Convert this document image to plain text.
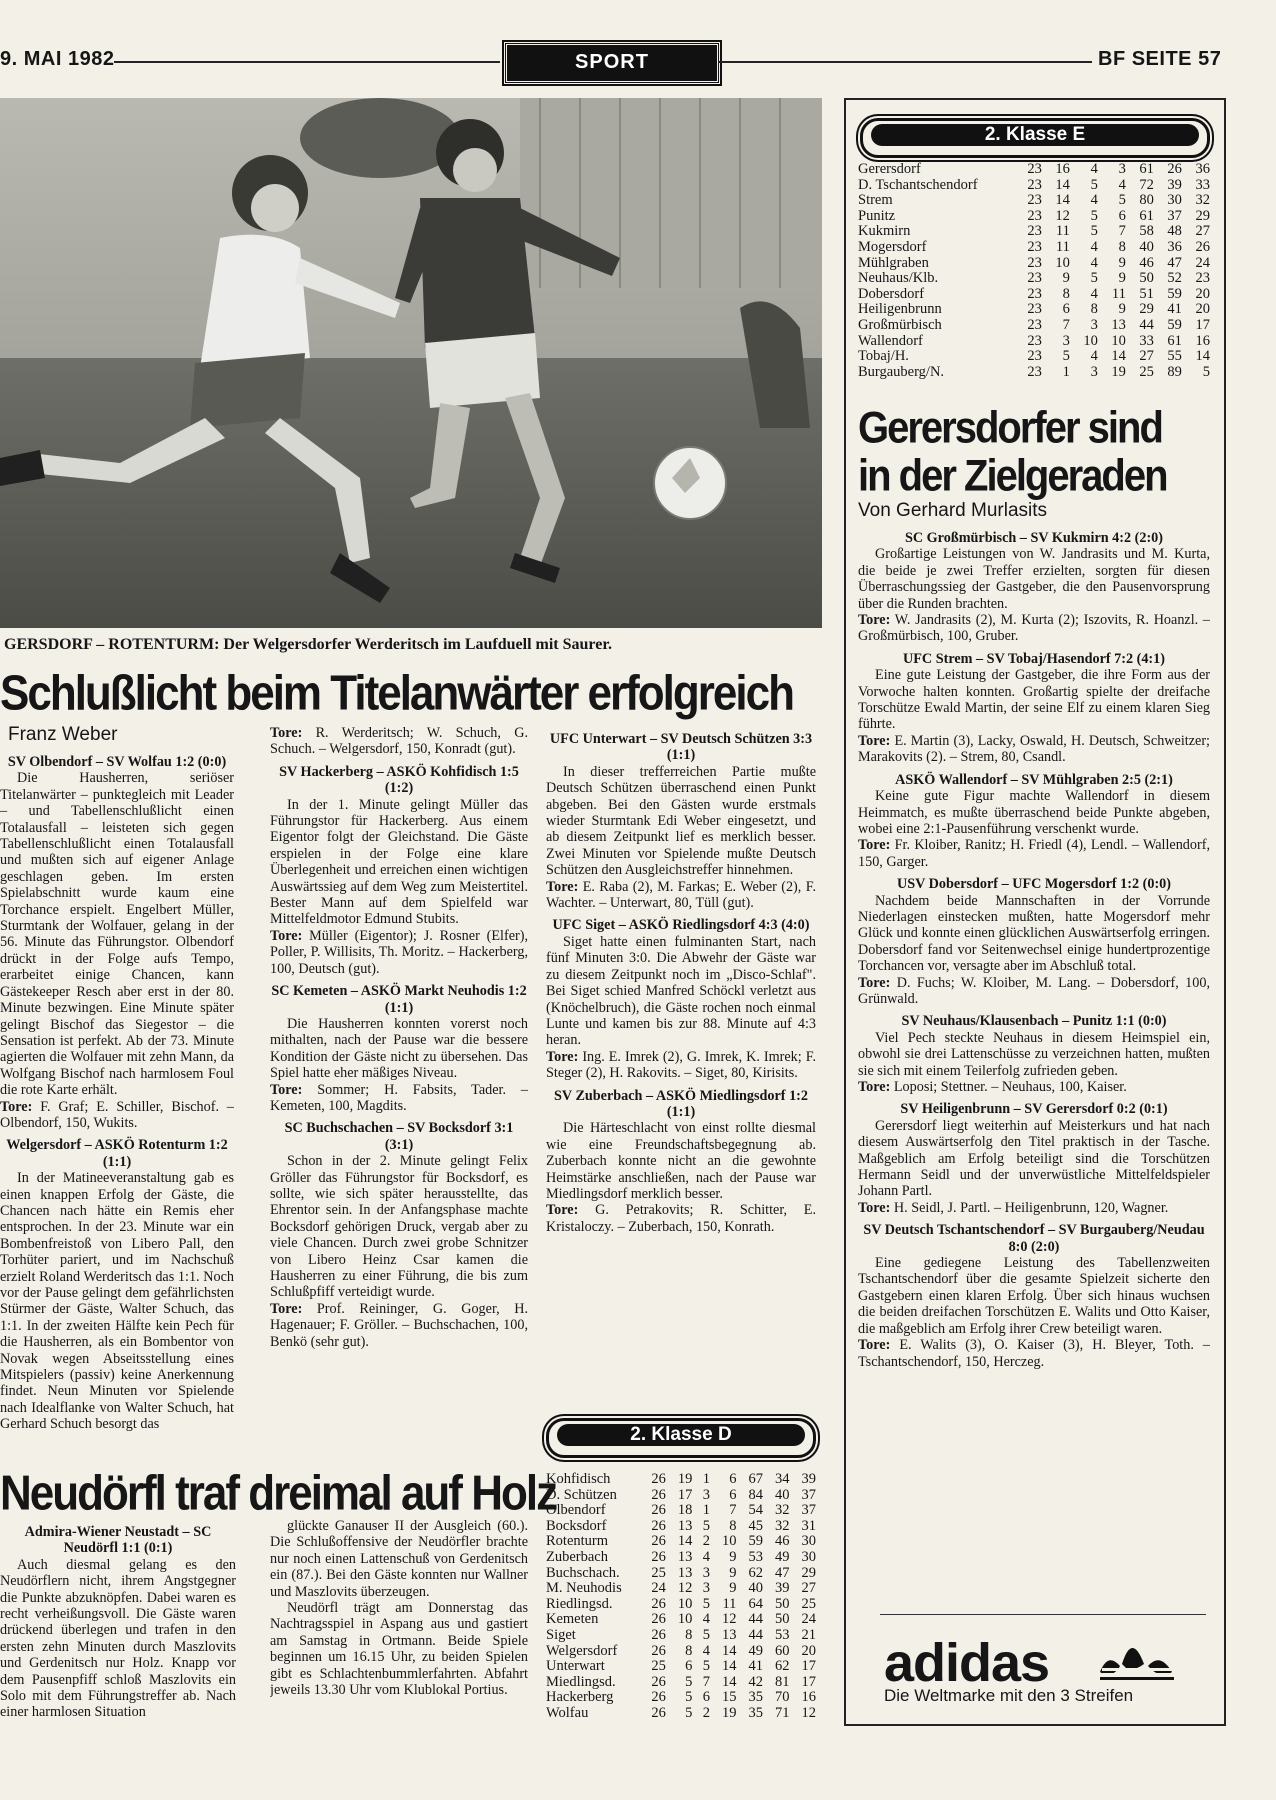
9. MAI 1982	SPORT	BF SEITE 57
GERSDORF – ROTENTURM: Der Welgersdorfer Werderitsch im Laufduell mit Saurer.
Schlußlicht beim Titelanwärter erfolgreich
Franz Weber

SV Olbendorf – SV Wolfau 1:2 (0:0)

Die Hausherren, seriöser Titelanwärter – punktegleich mit Leader – und Tabellenschlußlicht einen Totalausfall – leisteten sich gegen Tabellenschlußlicht einen Totalausfall und mußten sich auf eigener Anlage geschlagen geben. Im ersten Spielabschnitt wurde kaum eine Torchance erspielt. Engelbert Müller, Sturmtank der Wolfauer, gelang in der 56. Minute das Führungstor. Olbendorf drückt in der Folge aufs Tempo, erarbeitet einige Chancen, kann Gästekeeper Resch aber erst in der 80. Minute bezwingen. Eine Minute später gelingt Bischof das Siegestor – die Sensation ist perfekt. Ab der 73. Minute agierten die Wolfauer mit zehn Mann, da Wolfgang Bischof nach harmlosem Foul die rote Karte erhält.

Tore: F. Graf; E. Schiller, Bischof. – Olbendorf, 150, Wukits.

Welgersdorf – ASKÖ Rotenturm 1:2 (1:1)

In der Matineeveranstaltung gab es einen knappen Erfolg der Gäste, die Chancen nach hätte ein Remis eher entsprochen. In der 23. Minute war ein Bombenfreistoß von Libero Pall, den Torhüter pariert, und im Nachschuß erzielt Roland Werderitsch das 1:1. Noch vor der Pause gelingt dem gefährlichsten Stürmer der Gäste, Walter Schuch, das 1:1. In der zweiten Hälfte kein Pech für die Hausherren, als ein Bombentor von Novak wegen Abseitsstellung eines Mitspielers (passiv) keine Anerkennung findet. Neun Minuten vor Spielende nach Idealflanke von Walter Schuch, hat Gerhard Schuch besorgt das

Tore: R. Werderitsch; W. Schuch, G. Schuch. – Welgersdorf, 150, Konradt (gut).

SV Hackerberg – ASKÖ Kohfidisch 1:5 (1:2)

In der 1. Minute gelingt Müller das Führungstor für Hackerberg. Aus einem Eigentor folgt der Gleichstand. Die Gäste erspielen in der Folge eine klare Überlegenheit und erreichen einen wichtigen Auswärtssieg auf dem Weg zum Meistertitel. Bester Mann auf dem Spielfeld war Mittelfeldmotor Edmund Stubits.

Tore: Müller (Eigentor); J. Rosner (Elfer), Poller, P. Willisits, Th. Moritz. – Hackerberg, 100, Deutsch (gut).

SC Kemeten – ASKÖ Markt Neuhodis 1:2 (1:1)

Die Hausherren konnten vorerst noch mithalten, nach der Pause war die bessere Kondition der Gäste nicht zu übersehen. Das Spiel hatte eher mäßiges Niveau.

Tore: Sommer; H. Fabsits, Tader. – Kemeten, 100, Magdits.

SC Buchschachen – SV Bocksdorf 3:1 (3:1)

Schon in der 2. Minute gelingt Felix Gröller das Führungstor für Bocksdorf, es sollte, wie sich später herausstellte, das Ehrentor sein. In der Anfangsphase machte Bocksdorf gehörigen Druck, vergab aber zu viele Chancen. Durch zwei grobe Schnitzer von Libero Heinz Csar kamen die Hausherren zu einer Führung, die bis zum Schlußpfiff verteidigt wurde.

Tore: Prof. Reininger, G. Goger, H. Hagenauer; F. Gröller. – Buchschachen, 100, Benkö (sehr gut).

UFC Unterwart – SV Deutsch Schützen 3:3 (1:1)

In dieser trefferreichen Partie mußte Deutsch Schützen überraschend einen Punkt abgeben. Bei den Gästen wurde erstmals wieder Sturmtank Edi Weber eingesetzt, und ab diesem Zeitpunkt lief es merklich besser. Zwei Minuten vor Spielende mußte Deutsch Schützen den Ausgleichstreffer hinnehmen.

Tore: E. Raba (2), M. Farkas; E. Weber (2), F. Wachter. – Unterwart, 80, Tüll (gut).

UFC Siget – ASKÖ Riedlingsdorf 4:3 (4:0)

Siget hatte einen fulminanten Start, nach fünf Minuten 3:0. Die Abwehr der Gäste war zu diesem Zeitpunkt noch im „Disco-Schlaf". Bei Siget schied Manfred Schöckl verletzt aus (Knöchelbruch), die Gäste rochen noch einmal Lunte und kamen bis zur 88. Minute auf 4:3 heran.

Tore: Ing. E. Imrek (2), G. Imrek, K. Imrek; F. Steger (2), H. Rakovits. – Siget, 80, Kirisits.

SV Zuberbach – ASKÖ Miedlingsdorf 1:2 (1:1)

Die Härteschlacht von einst rollte diesmal wie eine Freundschaftsbegegnung ab. Zuberbach konnte nicht an die gewohnte Heimstärke anschließen, nach der Pause war Miedlingsdorf merklich besser.

Tore: G. Petrakovits; R. Schitter, E. Kristaloczy. – Zuberbach, 150, Konrath.

Neudörfl traf dreimal auf Holz

Admira-Wiener Neustadt – SC Neudörfl 1:1 (0:1)

Auch diesmal gelang es den Neudörflern nicht, ihrem Angstgegner die Punkte abzuknöpfen. Dabei waren es recht verheißungsvoll. Die Gäste waren drückend überlegen und trafen in den ersten zehn Minuten durch Maszlovits und Gerdenitsch nur Holz. Knapp vor dem Pausenpfiff schloß Maszlovits ein Solo mit dem Führungstreffer ab. Nach einer harmlosen Situation

glückte Ganauser II der Ausgleich (60.). Die Schlußoffensive der Neudörfler brachte nur noch einen Lattenschuß von Gerdenitsch ein (87.). Bei den Gäste konnten nur Wallner und Maszlovits überzeugen.

Neudörfl trägt am Donnerstag das Nachtragsspiel in Aspang aus und gastiert am Samstag in Ortmann. Beide Spiele beginnen um 16.15 Uhr, zu beiden Spielen gibt es Schlachtenbummlerfahrten. Abfahrt jeweils 13.30 Uhr vom Klublokal Portius.

2. Klasse D
Kohfidisch	26	19	1	6	67	34	39
D. Schützen	26	17	3	6	84	40	37
Olbendorf	26	18	1	7	54	32	37
Bocksdorf	26	13	5	8	45	32	31
Rotenturm	26	14	2	10	59	46	30
Zuberbach	26	13	4	9	53	49	30
Buchschach.	25	13	3	9	62	47	29
M. Neuhodis	24	12	3	9	40	39	27
Riedlingsd.	26	10	5	11	64	50	25
Kemeten	26	10	4	12	44	50	24
Siget	26	8	5	13	44	53	21
Welgersdorf	26	8	4	14	49	60	20
Unterwart	25	6	5	14	41	62	17
Miedlingsd.	26	5	7	14	42	81	17
Hackerberg	26	5	6	15	35	70	16
Wolfau	26	5	2	19	35	71	12
2. Klasse E
Gerersdorf	23	16	4	3	61	26	36
D. Tschantschendorf	23	14	5	4	72	39	33
Strem	23	14	4	5	80	30	32
Punitz	23	12	5	6	61	37	29
Kukmirn	23	11	5	7	58	48	27
Mogersdorf	23	11	4	8	40	36	26
Mühlgraben	23	10	4	9	46	47	24
Neuhaus/Klb.	23	9	5	9	50	52	23
Dobersdorf	23	8	4	11	51	59	20
Heiligenbrunn	23	6	8	9	29	41	20
Großmürbisch	23	7	3	13	44	59	17
Wallendorf	23	3	10	10	33	61	16
Tobaj/H.	23	5	4	14	27	55	14
Burgauberg/N.	23	1	3	19	25	89	5
Gerersdorfer sind
in der Zielgeraden
Von Gerhard Murlasits

SC Großmürbisch – SV Kukmirn 4:2 (2:0)

Großartige Leistungen von W. Jandrasits und M. Kurta, die beide je zwei Treffer erzielten, sorgten für diesen Überraschungssieg der Gastgeber, die den Pausenvorsprung über die Runden brachten.

Tore: W. Jandrasits (2), M. Kurta (2); Iszovits, R. Hoanzl. – Großmürbisch, 100, Gruber.

UFC Strem – SV Tobaj/Hasendorf 7:2 (4:1)

Eine gute Leistung der Gastgeber, die ihre Form aus der Vorwoche halten konnten. Großartig spielte der dreifache Torschütze Ewald Martin, der seine Elf zu einem klaren Sieg führte.

Tore: E. Martin (3), Lacky, Oswald, H. Deutsch, Schweitzer; Marakovits (2). – Strem, 80, Csandl.

ASKÖ Wallendorf – SV Mühlgraben 2:5 (2:1)

Keine gute Figur machte Wallendorf in diesem Heimmatch, es mußte überraschend beide Punkte abgeben, wobei eine 2:1-Pausenführung verschenkt wurde.

Tore: Fr. Kloiber, Ranitz; H. Friedl (4), Lendl. – Wallendorf, 150, Garger.

USV Dobersdorf – UFC Mogersdorf 1:2 (0:0)

Nachdem beide Mannschaften in der Vorrunde Niederlagen einstecken mußten, hatte Mogersdorf mehr Glück und konnte einen glücklichen Auswärtserfolg erringen. Dobersdorf fand vor Seitenwechsel einige hundertprozentige Torchancen vor, versagte aber im Abschluß total.

Tore: D. Fuchs; W. Kloiber, M. Lang. – Dobersdorf, 100, Grünwald.

SV Neuhaus/Klausenbach – Punitz 1:1 (0:0)

Viel Pech steckte Neuhaus in diesem Heimspiel ein, obwohl sie drei Lattenschüsse zu verzeichnen hatten, mußten sie sich mit einem Teilerfolg zufrieden geben.

Tore: Loposi; Stettner. – Neuhaus, 100, Kaiser.

SV Heiligenbrunn – SV Gerersdorf 0:2 (0:1)

Gerersdorf liegt weiterhin auf Meisterkurs und hat nach diesem Auswärtserfolg den Titel praktisch in der Tasche. Maßgeblich am Erfolg beteiligt sind die Torschützen Hermann Seidl und der unverwüstliche Mittelfeldspieler Johann Partl.

Tore: H. Seidl, J. Partl. – Heiligenbrunn, 120, Wagner.

SV Deutsch Tschantschendorf – SV Burgauberg/Neudau 8:0 (2:0)

Eine gediegene Leistung des Tabellenzweiten Tschantschendorf über die gesamte Spielzeit sicherte den Gastgebern einen klaren Erfolg. Über sich hinaus wuchsen die beiden dreifachen Torschützen E. Walits und Otto Kaiser, die maßgeblich am Erfolg ihrer Crew beteiligt waren.

Tore: E. Walits (3), O. Kaiser (3), H. Bleyer, Toth. – Tschantschendorf, 150, Herczeg.

adidas
Die Weltmarke mit den 3 Streifen
